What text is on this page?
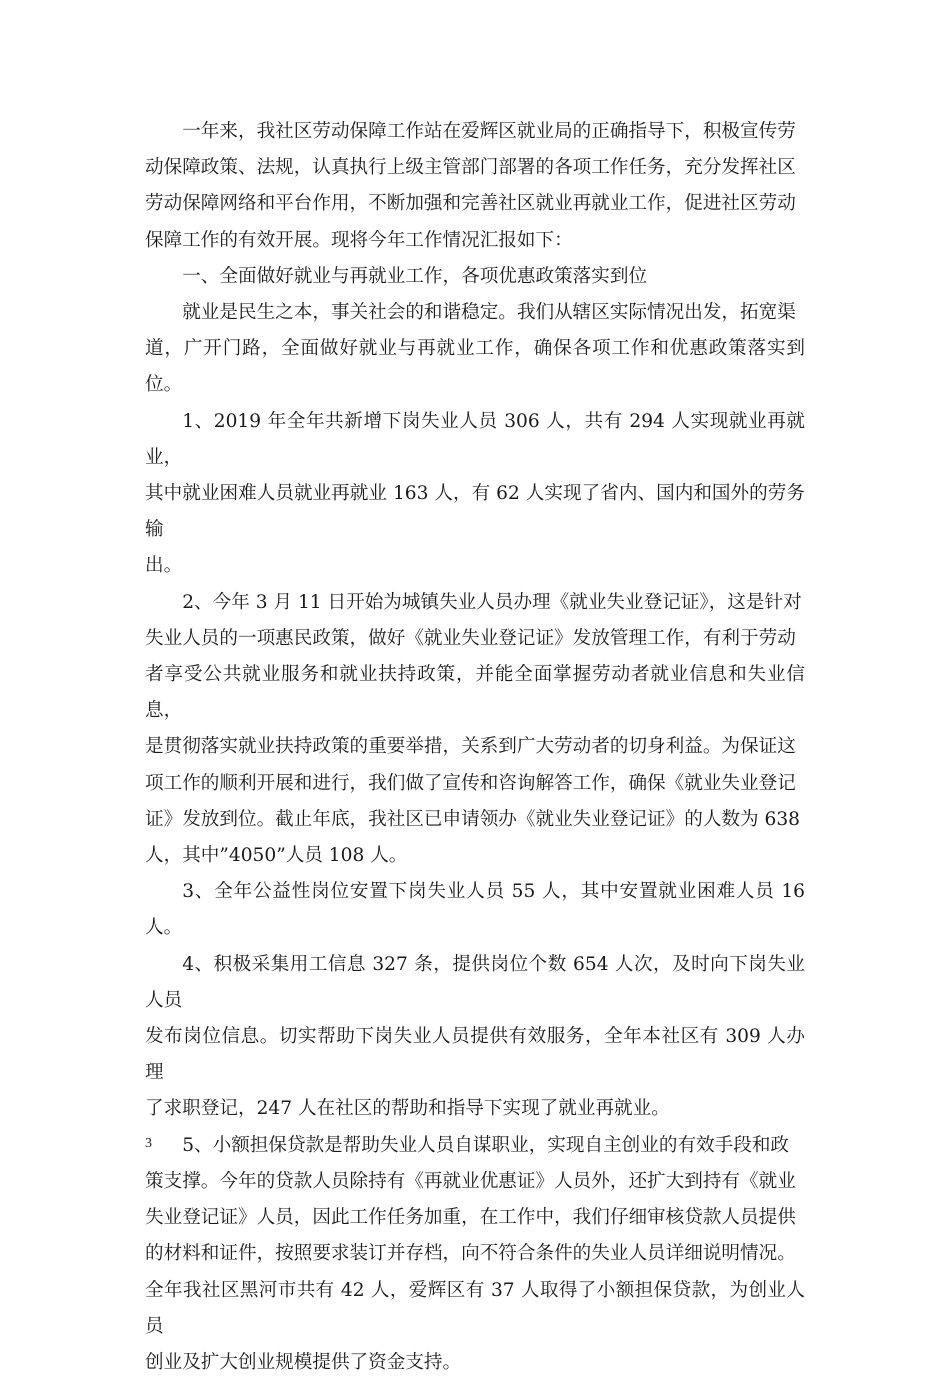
一年来，我社区劳动保障工作站在爱辉区就业局的正确指导下，积极宣传劳
动保障政策、法规，认真执行上级主管部门部署的各项工作任务，充分发挥社区
劳动保障网络和平台作用，不断加强和完善社区就业再就业工作，促进社区劳动
保障工作的有效开展。现将今年工作情况汇报如下：

一、全面做好就业与再就业工作，各项优惠政策落实到位

就业是民生之本，事关社会的和谐稳定。我们从辖区实际情况出发，拓宽渠
道，广开门路，全面做好就业与再就业工作，确保各项工作和优惠政策落实到位。

1、2019 年全年共新增下岗失业人员 306 人，共有 294 人实现就业再就业，
其中就业困难人员就业再就业 163 人，有 62 人实现了省内、国内和国外的劳务输
出。

2、今年 3 月 11 日开始为城镇失业人员办理《就业失业登记证》，这是针对
失业人员的一项惠民政策，做好《就业失业登记证》发放管理工作，有利于劳动
者享受公共就业服务和就业扶持政策，并能全面掌握劳动者就业信息和失业信息，
是贯彻落实就业扶持政策的重要举措，关系到广大劳动者的切身利益。为保证这
项工作的顺利开展和进行，我们做了宣传和咨询解答工作，确保《就业失业登记
证》发放到位。截止年底，我社区已申请领办《就业失业登记证》的人数为 638
人，其中”4050”人员 108 人。

3、全年公益性岗位安置下岗失业人员 55 人，其中安置就业困难人员 16 人。

4、积极采集用工信息 327 条，提供岗位个数 654 人次，及时向下岗失业人员
发布岗位信息。切实帮助下岗失业人员提供有效服务，全年本社区有 309 人办理
了求职登记，247 人在社区的帮助和指导下实现了就业再就业。

5、小额担保贷款是帮助失业人员自谋职业，实现自主创业的有效手段和政
策支撑。今年的贷款人员除持有《再就业优惠证》人员外，还扩大到持有《就业
失业登记证》人员，因此工作任务加重，在工作中，我们仔细审核贷款人员提供
的材料和证件，按照要求装订并存档，向不符合条件的失业人员详细说明情况。
全年我社区黑河市共有 42 人，爱辉区有 37 人取得了小额担保贷款，为创业人员
创业及扩大创业规模提供了资金支持。

3
